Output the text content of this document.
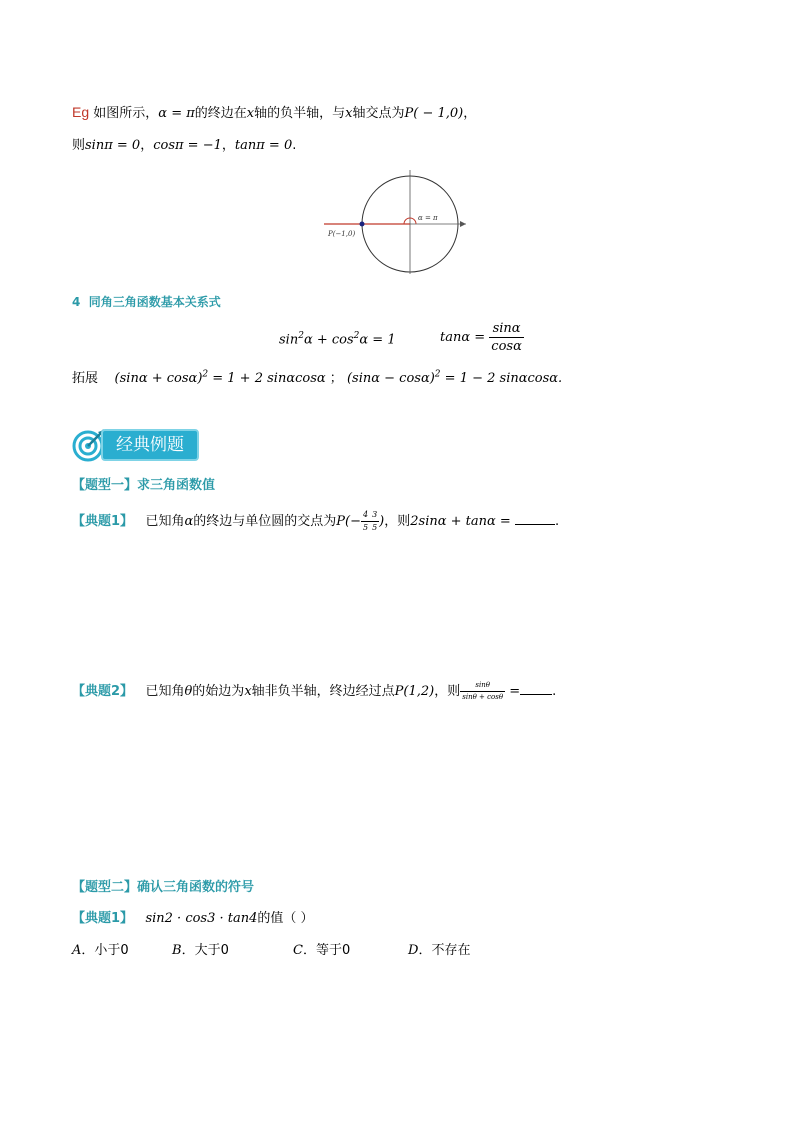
Eg 如图所示，α = π的终边在x轴的负半轴，与x轴交点为P( − 1,0)，
则sinπ = 0，cosπ = −1，tanπ = 0.
P(−1,0)
α = π
4 同角三角函数基本关系式
$\sin^2\alpha + \cos^2\alpha = 1$	$\tan\alpha = \frac{\sin\alpha}{\cos\alpha}$
拓展 $(\sin\alpha + \cos\alpha)^2 = 1 + 2$ sinαcosα ； $(\sin\alpha - \cos\alpha)^2 = 1 - 2$ sinαcosα.
经典例题
【题型一】求三角函数值
【典题1】 已知角α的终边与单位圆的交点为$P(- \frac{4}{5} \frac{3}{5}$ )，则2sinα + tanα =	.
【典题2】 已知角θ的始边为x轴非负半轴，终边经过点P(1,2)，则 $\frac{\sin\theta}{\sin\theta + \cos\theta}$ = .
【题型二】确认三角函数的符号
【典题1】 sin2 · cos3 · tan4的值（ ）
A．小于0	B．大于0	C．等于0	D．不存在
